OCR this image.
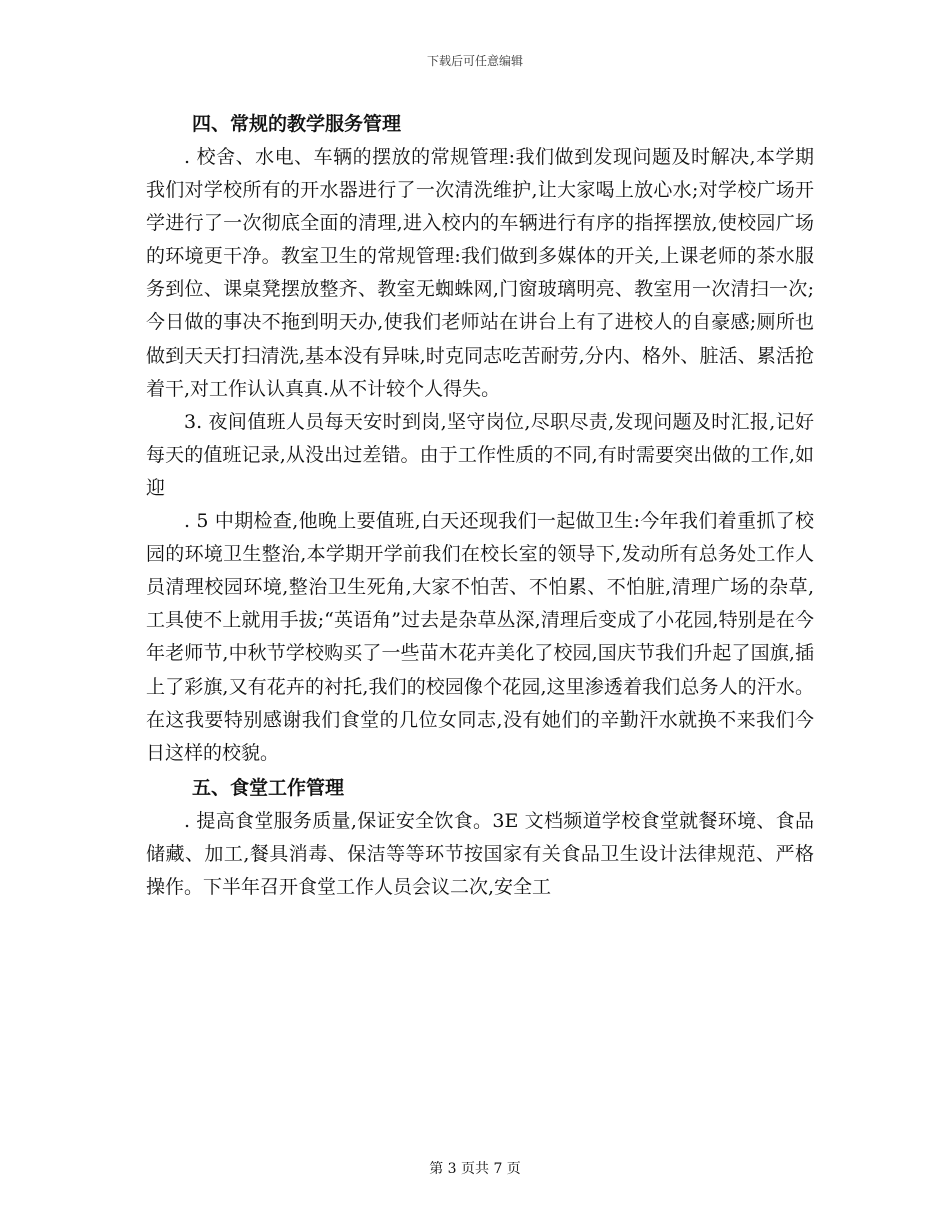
下载后可任意编辑
四、常规的教学服务管理

. 校舍、水电、车辆的摆放的常规管理:我们做到发现问题及时解决,本学期我们对学校所有的开水器进行了一次清洗维护,让大家喝上放心水;对学校广场开学进行了一次彻底全面的清理,进入校内的车辆进行有序的指挥摆放,使校园广场的环境更干净。教室卫生的常规管理:我们做到多媒体的开关,上课老师的茶水服务到位、课桌凳摆放整齐、教室无蜘蛛网,门窗玻璃明亮、教室用一次清扫一次;今日做的事决不拖到明天办,使我们老师站在讲台上有了进校人的自豪感;厕所也做到天天打扫清洗,基本没有异味,时克同志吃苦耐劳,分内、格外、脏活、累活抢着干,对工作认认真真.从不计较个人得失。

3. 夜间值班人员每天安时到岗,坚守岗位,尽职尽责,发现问题及时汇报,记好每天的值班记录,从没出过差错。由于工作性质的不同,有时需要突出做的工作,如迎

. 5 中期检查,他晚上要值班,白天还现我们一起做卫生:今年我们着重抓了校园的环境卫生整治,本学期开学前我们在校长室的领导下,发动所有总务处工作人员清理校园环境,整治卫生死角,大家不怕苦、不怕累、不怕脏,清理广场的杂草,工具使不上就用手拔;“英语角”过去是杂草丛深,清理后变成了小花园,特别是在今年老师节,中秋节学校购买了一些苗木花卉美化了校园,国庆节我们升起了国旗,插上了彩旗,又有花卉的衬托,我们的校园像个花园,这里渗透着我们总务人的汗水。在这我要特别感谢我们食堂的几位女同志,没有她们的辛勤汗水就换不来我们今日这样的校貌。

五、食堂工作管理

. 提高食堂服务质量,保证安全饮食。3E 文档频道学校食堂就餐环境、食品储藏、加工,餐具消毒、保洁等等环节按国家有关食品卫生设计法律规范、严格操作。下半年召开食堂工作人员会议二次,安全工

第 3 页共 7 页
